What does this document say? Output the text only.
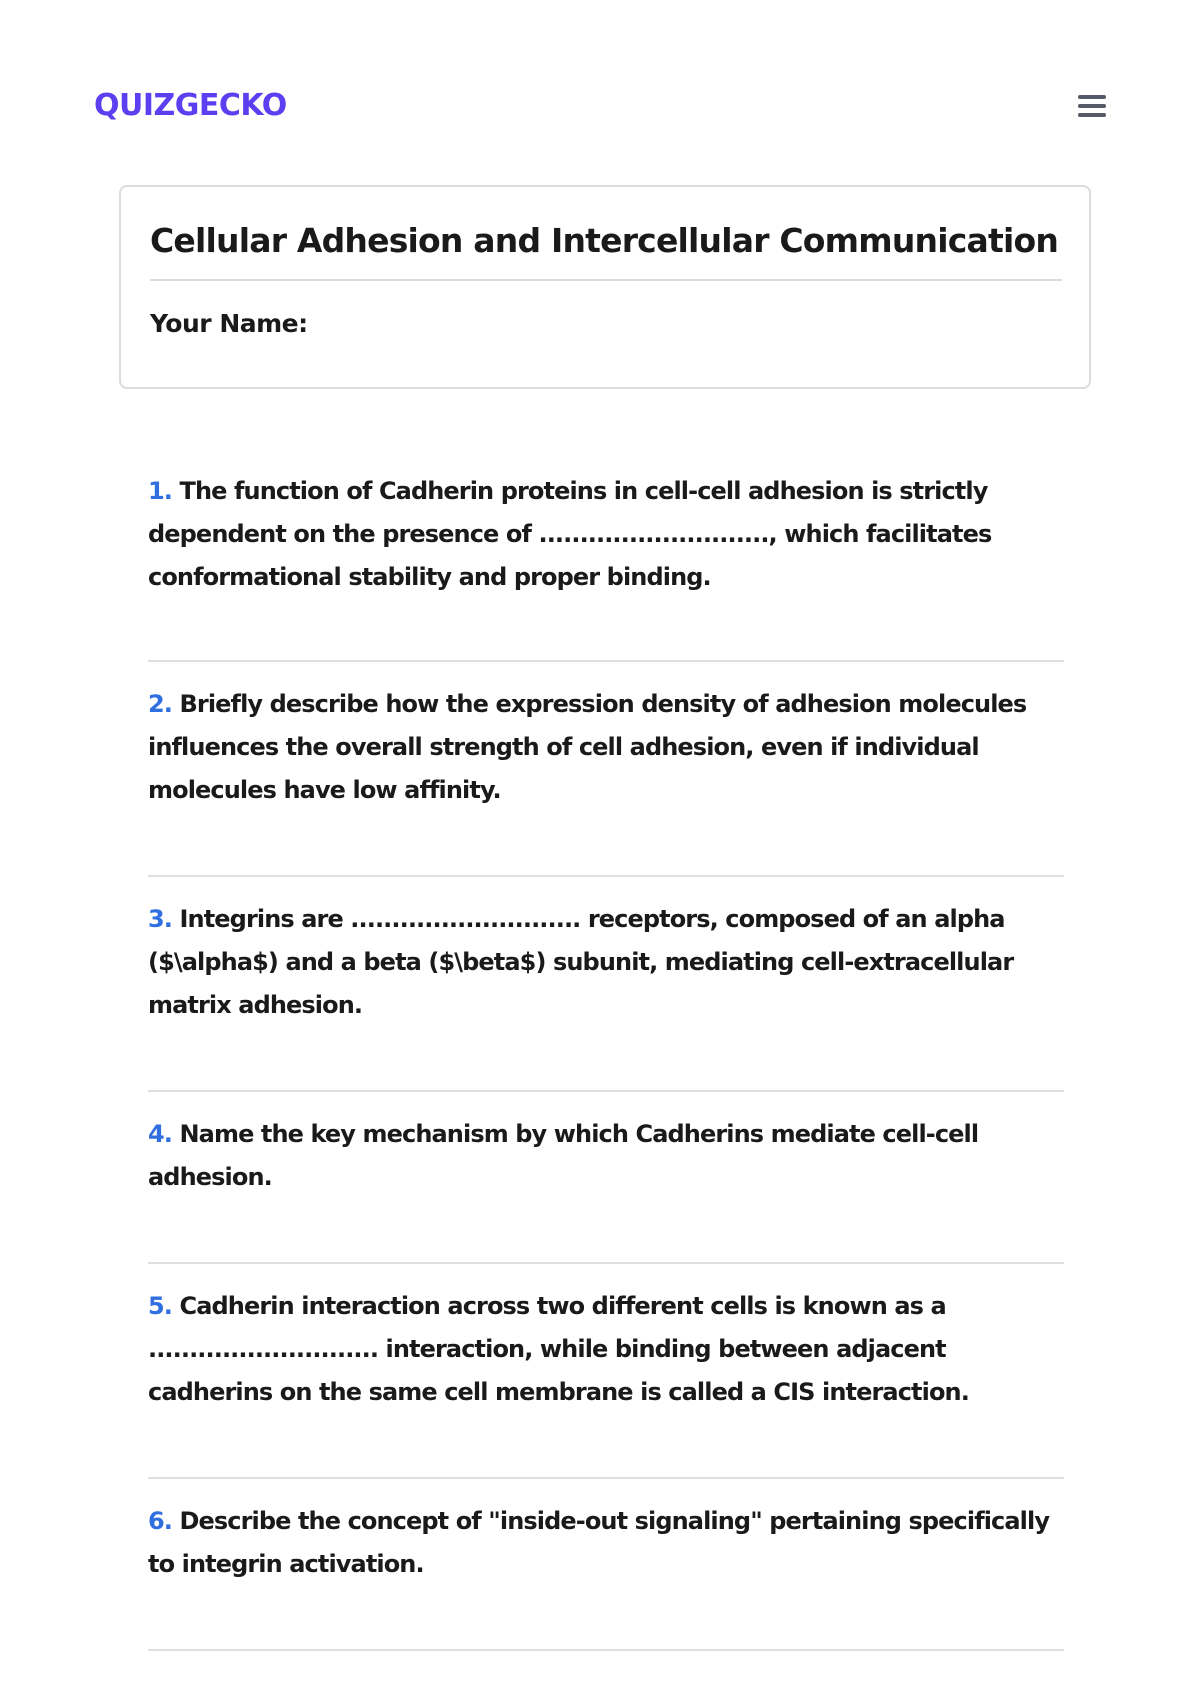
QUIZGECKO
Cellular Adhesion and Intercellular Communication
Your Name:

1. The function of Cadherin proteins in cell-cell adhesion is strictly dependent on the presence of ............................, which facilitates conformational stability and proper binding.

2. Briefly describe how the expression density of adhesion molecules influences the overall strength of cell adhesion, even if individual molecules have low affinity.

3. Integrins are ............................ receptors, composed of an alpha ($\alpha$) and a beta ($\beta$) subunit, mediating cell-extracellular matrix adhesion.

4. Name the key mechanism by which Cadherins mediate cell-cell adhesion.

5. Cadherin interaction across two different cells is known as a ............................ interaction, while binding between adjacent cadherins on the same cell membrane is called a CIS interaction.

6. Describe the concept of "inside-out signaling" pertaining specifically to integrin activation.
